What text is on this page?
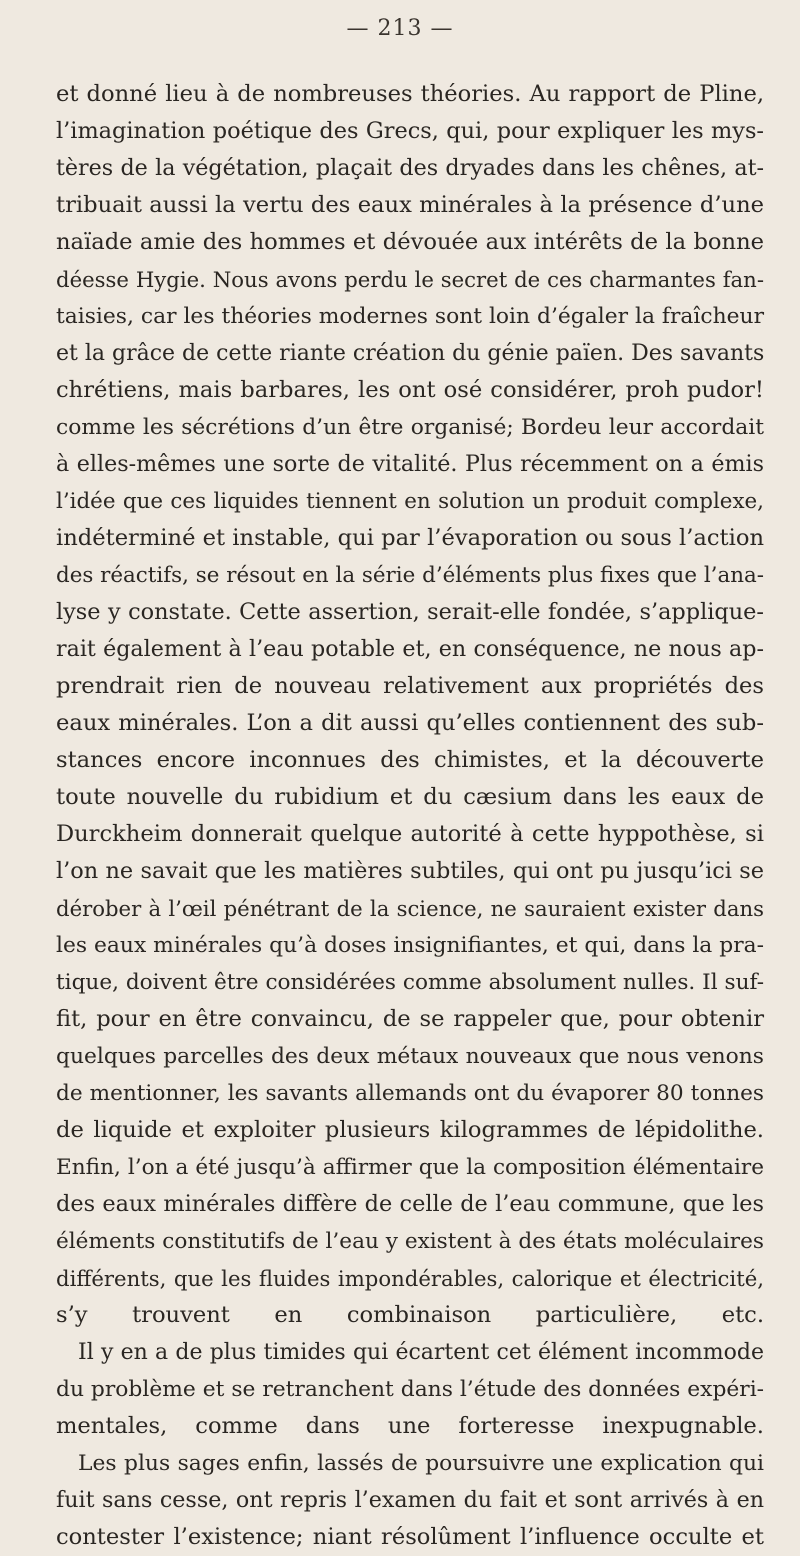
— 213 —
et donné lieu à de nombreuses théories. Au rapport de Pline,
l’imagination poétique des Grecs, qui, pour expliquer les mys-
tères de la végétation, plaçait des dryades dans les chênes, at-
tribuait aussi la vertu des eaux minérales à la présence d’une
naïade amie des hommes et dévouée aux intérêts de la bonne
déesse Hygie. Nous avons perdu le secret de ces charmantes fan-
taisies, car les théories modernes sont loin d’égaler la fraîcheur
et la grâce de cette riante création du génie païen. Des savants
chrétiens, mais barbares, les ont osé considérer, proh pudor!
comme les sécrétions d’un être organisé; Bordeu leur accordait
à elles-mêmes une sorte de vitalité. Plus récemment on a émis
l’idée que ces liquides tiennent en solution un produit complexe,
indéterminé et instable, qui par l’évaporation ou sous l’action
des réactifs, se résout en la série d’éléments plus fixes que l’ana-
lyse y constate. Cette assertion, serait-elle fondée, s’applique-
rait également à l’eau potable et, en conséquence, ne nous ap-
prendrait rien de nouveau relativement aux propriétés des
eaux minérales. L’on a dit aussi qu’elles contiennent des sub-
stances encore inconnues des chimistes, et la découverte
toute nouvelle du rubidium et du cæsium dans les eaux de
Durckheim donnerait quelque autorité à cette hyppothèse, si
l’on ne savait que les matières subtiles, qui ont pu jusqu’ici se
dérober à l’œil pénétrant de la science, ne sauraient exister dans
les eaux minérales qu’à doses insignifiantes, et qui, dans la pra-
tique, doivent être considérées comme absolument nulles. Il suf-
fit, pour en être convaincu, de se rappeler que, pour obtenir
quelques parcelles des deux métaux nouveaux que nous venons
de mentionner, les savants allemands ont du évaporer 80 tonnes
de liquide et exploiter plusieurs kilogrammes de lépidolithe.
Enfin, l’on a été jusqu’à affirmer que la composition élémentaire
des eaux minérales diffère de celle de l’eau commune, que les
éléments constitutifs de l’eau y existent à des états moléculaires
différents, que les fluides impondérables, calorique et électricité,
s’y trouvent en combinaison particulière, etc.
Il y en a de plus timides qui écartent cet élément incommode
du problème et se retranchent dans l’étude des données expéri-
mentales, comme dans une forteresse inexpugnable.
Les plus sages enfin, lassés de poursuivre une explication qui
fuit sans cesse, ont repris l’examen du fait et sont arrivés à en
contester l’existence; niant résolûment l’influence occulte et
